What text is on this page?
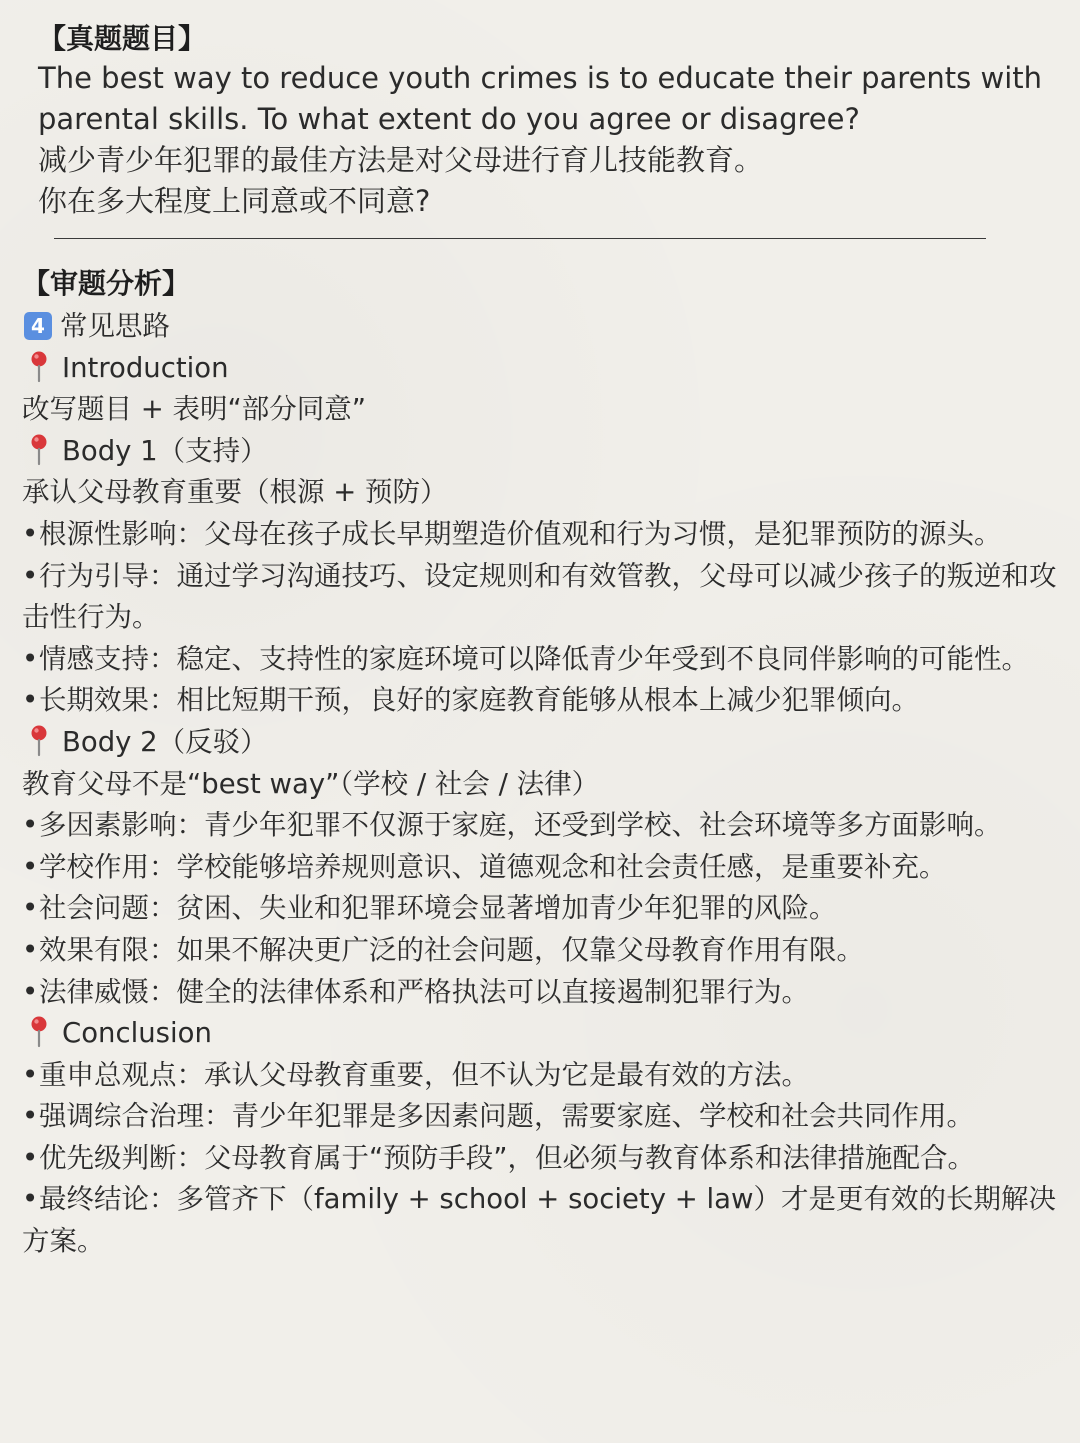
【真题题目】
The best way to reduce youth crimes is to educate their parents with
parental skills. To what extent do you agree or disagree?
减少青少年犯罪的最佳方法是对父母进行育儿技能教育。
你在多大程度上同意或不同意?
【审题分析】
4 常见思路
Introduction
改写题目 + 表明“部分同意”
Body 1（支持）
承认父母教育重要（根源 + 预防）
•根源性影响：父母在孩子成长早期塑造价值观和行为习惯，是犯罪预防的源头。
•行为引导：通过学习沟通技巧、设定规则和有效管教，父母可以减少孩子的叛逆和攻击性行为。
•情感支持：稳定、支持性的家庭环境可以降低青少年受到不良同伴影响的可能性。
•长期效果：相比短期干预，良好的家庭教育能够从根本上减少犯罪倾向。
Body 2（反驳）
教育父母不是“best way”（学校 / 社会 / 法律）
•多因素影响：青少年犯罪不仅源于家庭，还受到学校、社会环境等多方面影响。
•学校作用：学校能够培养规则意识、道德观念和社会责任感，是重要补充。
•社会问题：贫困、失业和犯罪环境会显著增加青少年犯罪的风险。
•效果有限：如果不解决更广泛的社会问题，仅靠父母教育作用有限。
•法律威慑：健全的法律体系和严格执法可以直接遏制犯罪行为。
Conclusion
•重申总观点：承认父母教育重要，但不认为它是最有效的方法。
•强调综合治理：青少年犯罪是多因素问题，需要家庭、学校和社会共同作用。
•优先级判断：父母教育属于“预防手段”，但必须与教育体系和法律措施配合。
•最终结论：多管齐下（family + school + society + law）才是更有效的长期解决方案。
